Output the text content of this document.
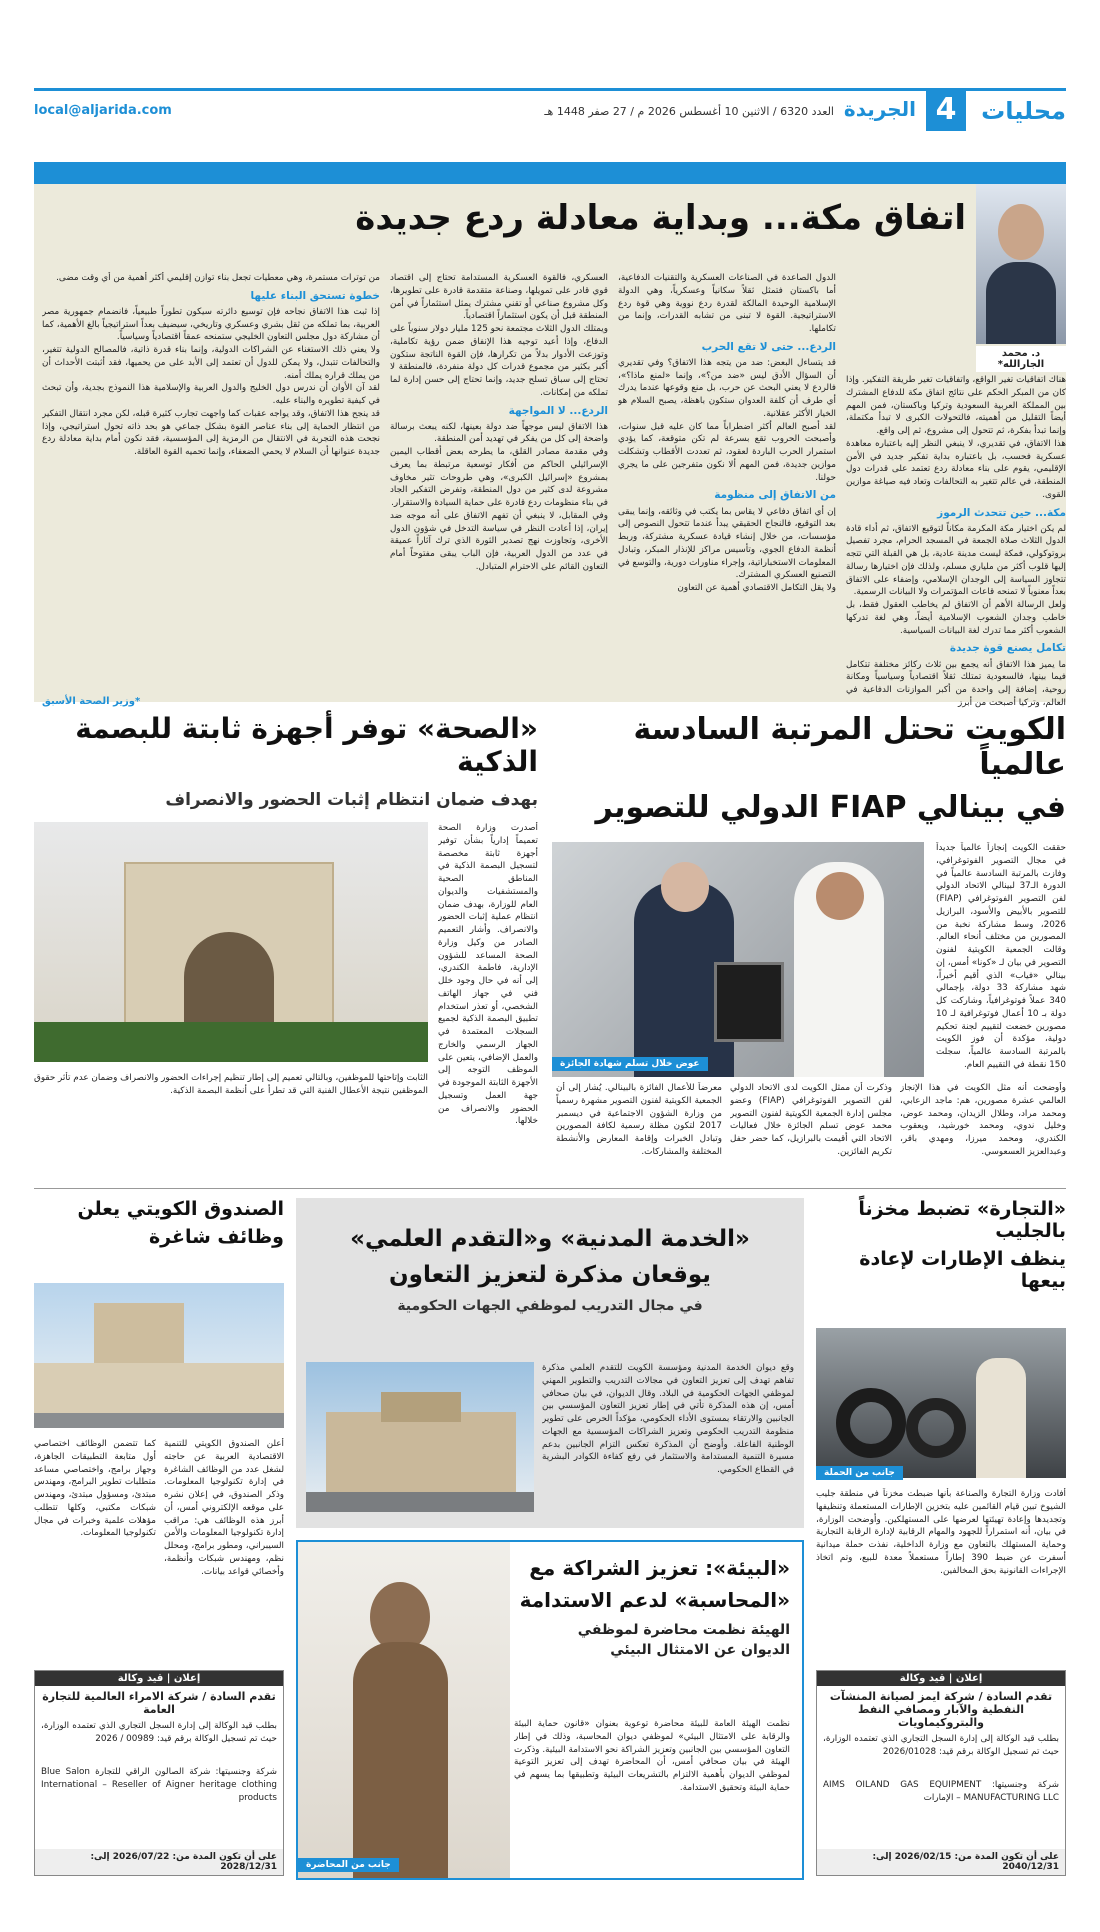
محليات
4
الجريدة
العدد 6320 / الاثنين 10 أغسطس 2026 م / 27 صفر 1448 هـ
local@aljarida.com
د. محمد الجارالله*
اتفاق مكة... وبداية معادلة ردع جديدة

هناك اتفاقيات تغير الواقع، واتفاقيات تغير طريقة التفكير. وإذا كان من المبكر الحكم على نتائج اتفاق مكة للدفاع المشترك بين المملكة العربية السعودية وتركيا وباكستان، فمن المهم أيضاً التقليل من أهميته، فالتحولات الكبرى لا تبدأ مكتملة، وإنما تبدأ بفكرة، ثم تتحول إلى مشروع، ثم إلى واقع.

هذا الاتفاق، في تقديري، لا ينبغي النظر إليه باعتباره معاهدة عسكرية فحسب، بل باعتباره بداية تفكير جديد في الأمن الإقليمي، يقوم على بناء معادلة ردع تعتمد على قدرات دول المنطقة، في عالم تتغير به التحالفات وتعاد فيه صياغة موازين القوى.

مكة... حين تتحدث الرموز

لم يكن اختيار مكة المكرمة مكاناً لتوقيع الاتفاق، ثم أداء قادة الدول الثلاث صلاة الجمعة في المسجد الحرام، مجرد تفصيل بروتوكولي، فمكة ليست مدينة عادية، بل هي القبلة التي تتجه إليها قلوب أكثر من ملياري مسلم، ولذلك فإن اختيارها رسالة تتجاوز السياسة إلى الوجدان الإسلامي، وإضفاء على الاتفاق بعداً معنوياً لا تمنحه قاعات المؤتمرات ولا البيانات الرسمية.

ولعل الرسالة الأهم أن الاتفاق لم يخاطب العقول فقط، بل خاطب وجدان الشعوب الإسلامية أيضاً، وهي لغة تدركها الشعوب أكثر مما تدرك لغة البيانات السياسية.

تكامل يصنع قوة جديدة

ما يميز هذا الاتفاق أنه يجمع بين ثلاث ركائز مختلفة تتكامل فيما بينها، فالسعودية تمتلك ثقلاً اقتصادياً وسياسياً ومكانة روحية، إضافة إلى واحدة من أكبر الموازنات الدفاعية في العالم، وتركيا أصبحت من أبرز

الدول الصاعدة في الصناعات العسكرية والتقنيات الدفاعية، أما باكستان فتمثل ثقلاً سكانياً وعسكرياً، وهي الدولة الإسلامية الوحيدة المالكة لقدرة ردع نووية وهي قوة ردع الاستراتيجية. القوة لا تبنى من تشابه القدرات، وإنما من تكاملها.

الردع... حتى لا تقع الحرب

قد يتساءل البعض: ضد من يتجه هذا الاتفاق؟ وفي تقديري أن السؤال الأدق ليس «ضد من؟»، وإنما «لمنع ماذا؟»، فالردع لا يعني البحث عن حرب، بل منع وقوعها عندما يدرك أي طرف أن كلفة العدوان ستكون باهظة، يصبح السلام هو الخيار الأكثر عقلانية.

لقد أصبح العالم أكثر اضطراباً مما كان عليه قبل سنوات، وأصبحت الحروب تقع بسرعة لم تكن متوقعة، كما يؤدي استمرار الحرب الباردة لعقود، ثم تعددت الأقطاب وتشكلت موازين جديدة، فمن المهم ألا نكون متفرجين على ما يجري حولنا.

من الاتفاق إلى منظومة

إن أي اتفاق دفاعي لا يقاس بما يكتب في وثائقه، وإنما يبقى بعد التوقيع، فالنجاح الحقيقي يبدأ عندما تتحول النصوص إلى مؤسسات، من خلال إنشاء قيادة عسكرية مشتركة، وربط أنظمة الدفاع الجوي، وتأسيس مراكز للإنذار المبكر، وتبادل المعلومات الاستخباراتية، وإجراء مناورات دورية، والتوسع في التصنيع العسكري المشترك.

ولا يقل التكامل الاقتصادي أهمية عن التعاون

العسكري، فالقوة العسكرية المستدامة تحتاج إلى اقتصاد قوي قادر على تمويلها، وصناعة متقدمة قادرة على تطويرها، وكل مشروع صناعي أو تقني مشترك يمثل استثماراً في أمن المنطقة قبل أن يكون استثماراً اقتصادياً.

ويمتلك الدول الثلاث مجتمعة نحو 125 مليار دولار سنوياً على الدفاع، وإذا أعيد توجيه هذا الإنفاق ضمن رؤية تكاملية، وتوزعت الأدوار بدلاً من تكرارها، فإن القوة الناتجة ستكون أكبر بكثير من مجموع قدرات كل دولة منفردة، فالمنطقة لا تحتاج إلى سباق تسلح جديد، وإنما تحتاج إلى حسن إدارة لما تملكه من إمكانات.

الردع... لا المواجهة

هذا الاتفاق ليس موجهاً ضد دولة بعينها، لكنه يبعث برسالة واضحة إلى كل من يفكر في تهديد أمن المنطقة.

وفي مقدمة مصادر القلق، ما يطرحه بعض أقطاب اليمين الإسرائيلي الحاكم من أفكار توسعية مرتبطة بما يعرف بمشروع «إسرائيل الكبرى»، وهي طروحات تثير مخاوف مشروعة لدى كثير من دول المنطقة، وتفرض التفكير الجاد في بناء منظومات ردع قادرة على حماية السيادة والاستقرار.

وفي المقابل، لا ينبغي أن تفهم الاتفاق على أنه موجه ضد إيران، إذا أعادت النظر في سياسة التدخل في شؤون الدول الأخرى، وتجاوزت نهج تصدير الثورة الذي ترك آثاراً عميقة في عدد من الدول العربية، فإن الباب يبقى مفتوحاً أمام التعاون القائم على الاحترام المتبادل.

من توترات مستمرة، وهي معطيات تجعل بناء توازن إقليمي أكثر أهمية من أي وقت مضى.

خطوة تستحق البناء عليها

إذا ثبت هذا الاتفاق نجاحه فإن توسيع دائرته سيكون تطوراً طبيعياً، فانضمام جمهورية مصر العربية، بما تملكه من ثقل بشري وعسكري وتاريخي، سيضيف بعداً استراتيجياً بالغ الأهمية، كما أن مشاركة دول مجلس التعاون الخليجي ستمنحه عمقاً اقتصادياً وسياسياً.

ولا يعني ذلك الاستغناء عن الشراكات الدولية، وإنما بناء قدرة ذاتية، فالمصالح الدولية تتغير، والتحالفات تتبدل، ولا يمكن للدول أن تعتمد إلى الأبد على من يحميها، فقد أثبتت الأحداث أن من يملك قراره يملك أمنه.

لقد آن الأوان أن ندرس دول الخليج والدول العربية والإسلامية هذا النموذج بجدية، وأن تبحث في كيفية تطويره والبناء عليه.

قد ينجح هذا الاتفاق، وقد يواجه عقبات كما واجهت تجارب كثيرة قبله، لكن مجرد انتقال التفكير من انتظار الحماية إلى بناء عناصر القوة بشكل جماعي هو بحد ذاته تحول استراتيجي، وإذا نجحت هذه التجربة في الانتقال من الرمزية إلى المؤسسية، فقد نكون أمام بداية معادلة ردع جديدة عنوانها أن السلام لا يحمي الضعفاء، وإنما تحميه القوة العاقلة.

*وزير الصحة الأسبق
الكويت تحتل المرتبة السادسة عالمياً
في بينالي FIAP الدولي للتصوير
حققت الكويت إنجازاً عالمياً جديداً في مجال التصوير الفوتوغرافي، وفازت بالمرتبة السادسة عالمياً في الدورة الـ37 لبينالي الاتحاد الدولي لفن التصوير الفوتوغرافي (FIAP) للتصوير بالأبيض والأسود، البرازيل 2026، وسط مشاركة نخبة من المصورين من مختلف أنحاء العالم. وقالت الجمعية الكويتية لفنون التصوير في بيان لـ «كونا» أمس، إن بينالي «فياب» الذي أقيم أخيراً، شهد مشاركة 33 دولة، بإجمالي 340 عملاً فوتوغرافياً، وشاركت كل دولة بـ 10 أعمال فوتوغرافية لـ 10 مصورين خضعت لتقييم لجنة تحكيم دولية، مؤكدة أن فوز الكويت بالمرتبة السادسة عالمياً، سجلت 150 نقطة في التقييم العام.
عوض خلال تسلم شهادة الجائزة
وأوضحت أنه مثل الكويت في هذا الإنجاز العالمي عشرة مصورين، هم: ماجد الزعابي، ومحمد مراد، وطلال الزيدان، ومحمد عوض، وخليل ندوي، ومحمد خورشيد، ويعقوب الكندري، ومحمد ميرزا، ومهدي باقر، وعبدالعزيز العسعوسي.
وذكرت أن ممثل الكويت لدى الاتحاد الدولي لفن التصوير الفوتوغرافي (FIAP) وعضو مجلس إدارة الجمعية الكويتية لفنون التصوير محمد عوض تسلم الجائزة خلال فعاليات الاتحاد التي أقيمت بالبرازيل، كما حضر حفل تكريم الفائزين.
معرضاً للأعمال الفائزة بالبينالي. يُشار إلى أن الجمعية الكويتية لفنون التصوير مشهرة رسمياً من وزارة الشؤون الاجتماعية في ديسمبر 2017 لتكون مظلة رسمية لكافة المصورين وتبادل الخبرات وإقامة المعارض والأنشطة المختلفة والمشاركات.
«الصحة» توفر أجهزة ثابتة للبصمة الذكية
بهدف ضمان انتظام إثبات الحضور والانصراف
أصدرت وزارة الصحة تعميماً إدارياً بشأن توفير أجهزة ثابتة مخصصة لتسجيل البصمة الذكية في المناطق الصحية والمستشفيات والديوان العام للوزارة، بهدف ضمان انتظام عملية إثبات الحضور والانصراف. وأشار التعميم الصادر من وكيل وزارة الصحة المساعد للشؤون الإدارية، فاطمة الكندري، إلى أنه في حال وجود خلل فني في جهاز الهاتف الشخصي، أو تعذر استخدام تطبيق البصمة الذكية لجميع السجلات المعتمدة في الجهاز الرسمي والخارج والعمل الإضافي، يتعين على الموظف التوجه إلى الأجهزة الثابتة الموجودة في جهة العمل وتسجيل الحضور والانصراف من خلالها.
الثابت وإتاحتها للموظفين، وبالتالي تعميم إلى إطار تنظيم إجراءات الحضور والانصراف وضمان عدم تأثر حقوق الموظفين نتيجة الأعطال الفنية التي قد تطرأ على أنظمة البصمة الذكية.
«التجارة» تضبط مخزناً بالجليب
ينظف الإطارات لإعادة بيعها
جانب من الحملة
أفادت وزارة التجارة والصناعة بأنها ضبطت مخزناً في منطقة جليب الشيوخ تبين قيام القائمين عليه بتخزين الإطارات المستعملة وتنظيفها وتجديدها وإعادة تهيئتها لعرضها على المستهلكين. وأوضحت الوزارة، في بيان، أنه استمراراً للجهود والمهام الرقابية لإدارة الرقابة التجارية وحماية المستهلك بالتعاون مع وزارة الداخلية، نفذت حملة ميدانية أسفرت عن ضبط 390 إطاراً مستعملاً معدة للبيع، وتم اتخاذ الإجراءات القانونية بحق المخالفين.
«الخدمة المدنية» و«التقدم العلمي»
يوقعان مذكرة لتعزيز التعاون
في مجال التدريب لموظفي الجهات الحكومية
وقع ديوان الخدمة المدنية ومؤسسة الكويت للتقدم العلمي مذكرة تفاهم تهدف إلى تعزيز التعاون في مجالات التدريب والتطوير المهني لموظفي الجهات الحكومية في البلاد. وقال الديوان، في بيان صحافي أمس، إن هذه المذكرة تأتي في إطار تعزيز التعاون المؤسسي بين الجانبين والارتقاء بمستوى الأداء الحكومي، مؤكداً الحرص على تطوير منظومة التدريب الحكومي وتعزيز الشراكات المؤسسية مع الجهات الوطنية الفاعلة. وأوضح أن المذكرة تعكس التزام الجانبين بدعم مسيرة التنمية المستدامة والاستثمار في رفع كفاءة الكوادر البشرية في القطاع الحكومي.
الصندوق الكويتي يعلن
وظائف شاغرة
أعلن الصندوق الكويتي للتنمية الاقتصادية العربية عن حاجته لشغل عدد من الوظائف الشاغرة في إدارة تكنولوجيا المعلومات. وذكر الصندوق، في إعلان نشره على موقعه الإلكتروني أمس، أن أبرز هذه الوظائف هي: مراقب إدارة تكنولوجيا المعلومات والأمن السيبراني، ومطور برامج، ومحلل نظم، ومهندس شبكات وأنظمة، وأخصائي قواعد بيانات.
كما تتضمن الوظائف اختصاصي أول متابعة التطبيقات الجاهزة، وجهاز برامج، واختصاصي مساعد متطلبات تطوير البرامج، ومهندس مبتدئ، ومسؤول مبتدئ، ومهندس شبكات مكتبي، وكلها تتطلب مؤهلات علمية وخبرات في مجال تكنولوجيا المعلومات.
«البيئة»: تعزيز الشراكة مع
«المحاسبة» لدعم الاستدامة
الهيئة نظمت محاضرة لموظفي
الديوان عن الامتثال البيئي
جانب من المحاضرة
نظمت الهيئة العامة للبيئة محاضرة توعوية بعنوان «قانون حماية البيئة والرقابة على الامتثال البيئي» لموظفي ديوان المحاسبة، وذلك في إطار التعاون المؤسسي بين الجانبين وتعزيز الشراكة نحو الاستدامة البيئية. وذكرت الهيئة في بيان صحافي أمس، أن المحاضرة تهدف إلى تعزيز التوعية لموظفي الديوان بأهمية الالتزام بالتشريعات البيئية وتطبيقها بما يسهم في حماية البيئة وتحقيق الاستدامة.
إعلان | قيد وكالة
تقدم السادة / شركة الامراء العالمية للتجارة العامة
بطلب قيد الوكالة إلى إدارة السجل التجاري الذي تعتمده الوزارة، حيث تم تسجيل الوكالة برقم قيد: 00989 / 2026
شركة وجنسيتها: شركة الصالون الراقي للتجارة Blue Salon International – Reseller of Aigner heritage clothing products
على أن تكون المدة من: 2026/07/22 إلى: 2028/12/31
إعلان | قيد وكالة
تقدم السادة / شركة ايمز لصيانة المنشآت النفطية والآبار ومصافي النفط والبتروكيماويات
بطلب قيد الوكالة إلى إدارة السجل التجاري الذي تعتمده الوزارة، حيث تم تسجيل الوكالة برقم قيد: 2026/01028
شركة وجنسيتها: AIMS OILAND GAS EQUIPMENT MANUFACTURING LLC – الإمارات
على أن تكون المدة من: 2026/02/15 إلى: 2040/12/31
